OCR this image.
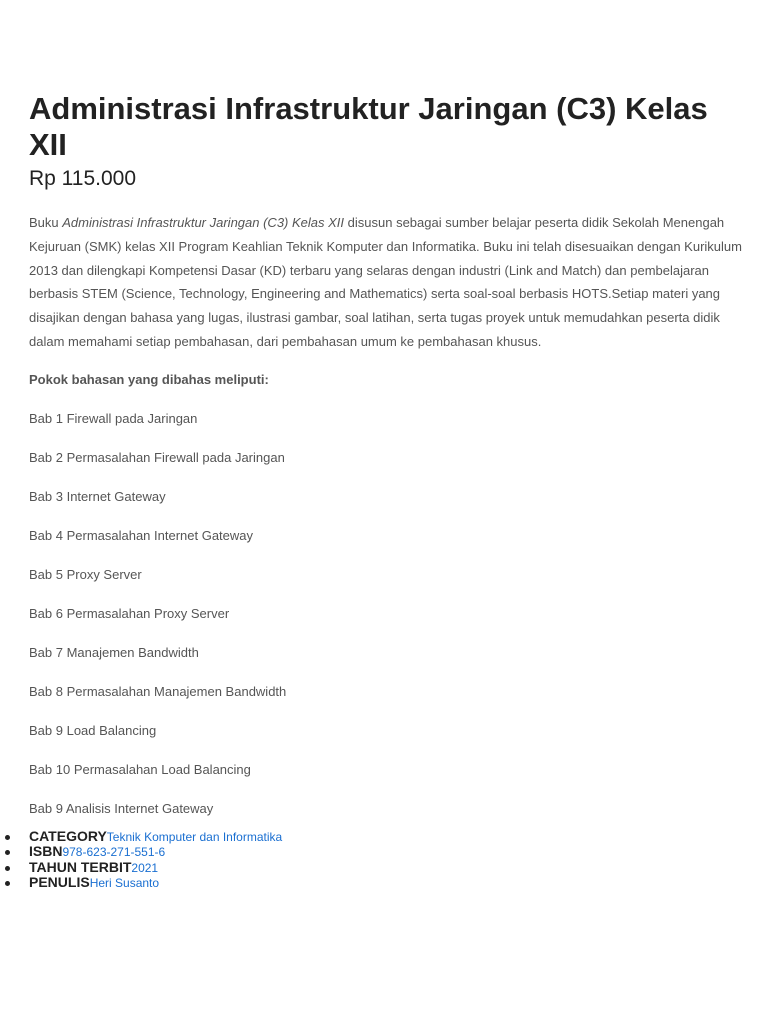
Administrasi Infrastruktur Jaringan (C3) Kelas XII
Rp 115.000

Buku Administrasi Infrastruktur Jaringan (C3) Kelas XII disusun sebagai sumber belajar peserta didik Sekolah Menengah Kejuruan (SMK) kelas XII Program Keahlian Teknik Komputer dan Informatika. Buku ini telah disesuaikan dengan Kurikulum 2013 dan dilengkapi Kompetensi Dasar (KD) terbaru yang selaras dengan industri (Link and Match) dan pembelajaran berbasis STEM (Science, Technology, Engineering and Mathematics) serta soal-soal berbasis HOTS.Setiap materi yang disajikan dengan bahasa yang lugas, ilustrasi gambar, soal latihan, serta tugas proyek untuk memudahkan peserta didik dalam memahami setiap pembahasan, dari pembahasan umum ke pembahasan khusus.

Pokok bahasan yang dibahas meliputi:

Bab 1 Firewall pada Jaringan

Bab 2 Permasalahan Firewall pada Jaringan

Bab 3 Internet Gateway

Bab 4 Permasalahan Internet Gateway

Bab 5 Proxy Server

Bab 6 Permasalahan Proxy Server

Bab 7 Manajemen Bandwidth

Bab 8 Permasalahan Manajemen Bandwidth

Bab 9 Load Balancing

Bab 10 Permasalahan Load Balancing

Bab 9 Analisis Internet Gateway

CATEGORYTeknik Komputer dan Informatika
ISBN978-623-271-551-6
TAHUN TERBIT2021
PENULISHeri Susanto
